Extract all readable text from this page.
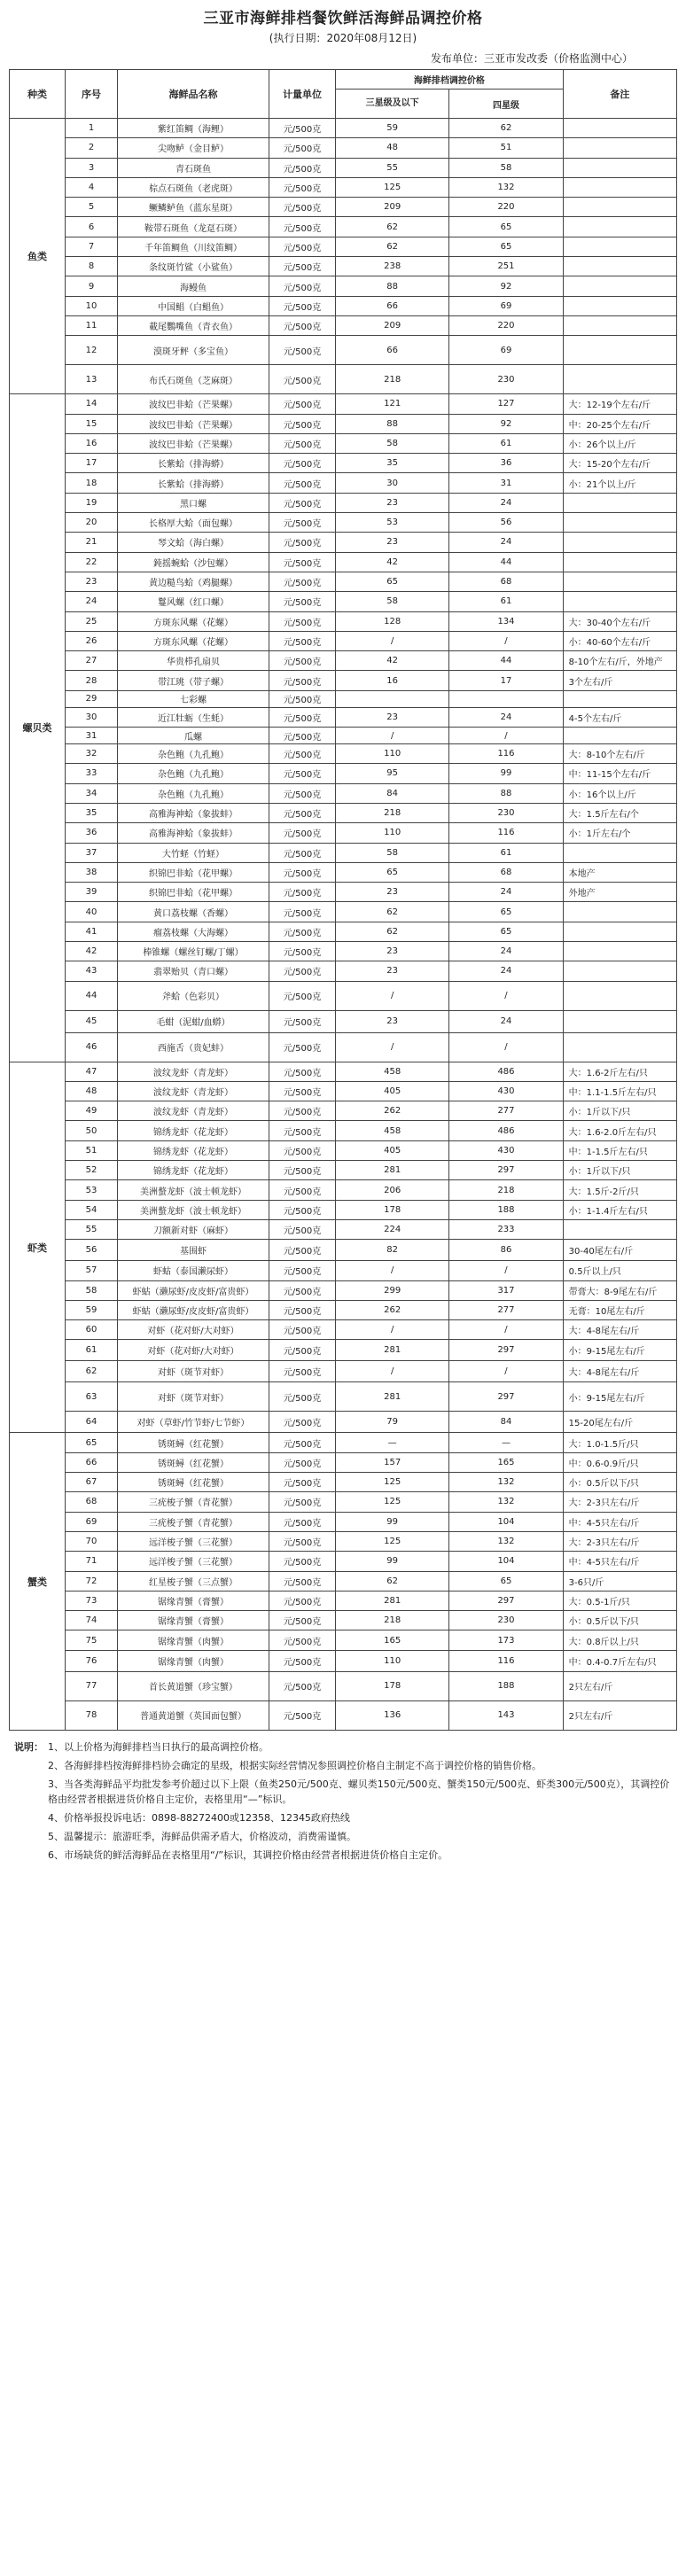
三亚市海鲜排档餐饮鲜活海鲜品调控价格
(执行日期：2020年08月12日)
发布单位：三亚市发改委（价格监测中心）
种类	序号	海鲜品名称	计量单位	海鲜排档调控价格		备注
				三星级及以下	四星级	
鱼类	1	紫红笛鲷（海鲤）	元/500克	59	62	
	2	尖吻鲈（金目鲈）	元/500克	48	51	
	3	青石斑鱼	元/500克	55	58	
	4	棕点石斑鱼（老虎斑）	元/500克	125	132	
	5	鳜鳞鲈鱼（蓝东星斑）	元/500克	209	220	
	6	鞍带石斑鱼（龙趸石斑）	元/500克	62	65	
	7	千年笛鲷鱼（川纹笛鲷）	元/500克	62	65	
	8	条纹斑竹鲨（小鲨鱼）	元/500克	238	251	
	9	海鳗鱼	元/500克	88	92	
	10	中国鲳（白鲳鱼）	元/500克	66	69	
	11	載尾鸚嘴鱼（青衣鱼）	元/500克	209	220	
	12	漠斑牙鲆（多宝鱼）	元/500克	66	69	
	13	布氏石斑鱼（芝麻斑）	元/500克	218	230	
螺贝类	14	波纹巴非蛤（芒果螺）	元/500克	121	127	大：12-19个左右/斤
	15	波纹巴非蛤（芒果螺）	元/500克	88	92	中：20-25个左右/斤
	16	波纹巴非蛤（芒果螺）	元/500克	58	61	小：26个以上/斤
	17	长紫蛤（排海蟒）	元/500克	35	36	大：15-20个左右/斤
	18	长紫蛤（排海蟒）	元/500克	30	31	小：21个以上/斤
	19	黑口螺	元/500克	23	24	
	20	长格厚大蛤（面包螺）	元/500克	53	56	
	21	琴文蛤（海白螺）	元/500克	23	24	
	22	鈍摇蜿蛤（沙包螺）	元/500克	42	44	
	23	黄边糙鸟蛤（鸡腿螺）	元/500克	65	68	
	24	鬘风螺（红口螺）	元/500克	58	61	
	25	方斑东风螺（花螺）	元/500克	128	134	大：30-40个左右/斤
	26	方斑东风螺（花螺）	元/500克	/	/	小：40-60个左右/斤
	27	华贵栉孔扇贝	元/500克	42	44	8-10个左右/斤，外地产
	28	带江珧（带子螺）	元/500克	16	17	3个左右/斤
	29	七彩螺	元/500克			
	30	近江牡蛎（生蚝）	元/500克	23	24	4-5个左右/斤
	31	瓜螺	元/500克	/	/	
	32	杂色鲍（九孔鲍）	元/500克	110	116	大：8-10个左右/斤
	33	杂色鲍（九孔鲍）	元/500克	95	99	中：11-15个左右/斤
	34	杂色鲍（九孔鲍）	元/500克	84	88	小：16个以上/斤
	35	高雅海神蛤（象拔蚌）	元/500克	218	230	大：1.5斤左右/个
	36	高雅海神蛤（象拔蚌）	元/500克	110	116	小：1斤左右/个
	37	大竹蛏（竹蛏）	元/500克	58	61	
	38	织锦巴非蛤（花甲螺）	元/500克	65	68	本地产
	39	织锦巴非蛤（花甲螺）	元/500克	23	24	外地产
	40	黄口荔枝螺（香螺）	元/500克	62	65	
	41	瘤荔枝螺（大海螺）	元/500克	62	65	
	42	棒锥螺（螺丝钉螺/丁螺）	元/500克	23	24	
	43	翡翠贻贝（青口螺）	元/500克	23	24	
	44	斧蛤（色彩贝）	元/500克	/	/	
	45	毛蚶（泥蚶/血蟒）	元/500克	23	24	
	46	西施舌（贵妃蚌）	元/500克	/	/	
虾类	47	波纹龙虾（青龙虾）	元/500克	458	486	大：1.6-2斤左右/只
	48	波纹龙虾（青龙虾）	元/500克	405	430	中：1.1-1.5斤左右/只
	49	波纹龙虾（青龙虾）	元/500克	262	277	小：1斤以下/只
	50	锦绣龙虾（花龙虾）	元/500克	458	486	大：1.6-2.0斤左右/只
	51	锦绣龙虾（花龙虾）	元/500克	405	430	中：1-1.5斤左右/只
	52	锦绣龙虾（花龙虾）	元/500克	281	297	小：1斤以下/只
	53	美洲螯龙虾（波士顿龙虾）	元/500克	206	218	大：1.5斤-2斤/只
	54	美洲螯龙虾（波士顿龙虾）	元/500克	178	188	小：1-1.4斤左右/只
	55	刀额新对虾（麻虾）	元/500克	224	233	
	56	基围虾	元/500克	82	86	30-40尾左右/斤
	57	虾蛄（泰国濑尿虾）	元/500克	/	/	0.5斤以上/只
	58	虾蛄（濑尿虾/皮皮虾/富贵虾）	元/500克	299	317	带膏大：8-9尾左右/斤
	59	虾蛄（濑尿虾/皮皮虾/富贵虾）	元/500克	262	277	无膏：10尾左右/斤
	60	对虾（花对虾/大对虾）	元/500克	/	/	大：4-8尾左右/斤
	61	对虾（花对虾/大对虾）	元/500克	281	297	小：9-15尾左右/斤
	62	对虾（斑节对虾）	元/500克	/	/	大：4-8尾左右/斤
	63	对虾（斑节对虾）	元/500克	281	297	小：9-15尾左右/斤
	64	对虾（草虾/竹节虾/七节虾）	元/500克	79	84	15-20尾左右/斤
蟹类	65	锈斑蟳（红花蟹）	元/500克	—	—	大：1.0-1.5斤/只
	66	锈斑蟳（红花蟹）	元/500克	157	165	中：0.6-0.9斤/只
	67	锈斑蟳（红花蟹）	元/500克	125	132	小：0.5斤以下/只
	68	三疣梭子蟹（青花蟹）	元/500克	125	132	大：2-3只左右/斤
	69	三疣梭子蟹（青花蟹）	元/500克	99	104	中：4-5只左右/斤
	70	远洋梭子蟹（三花蟹）	元/500克	125	132	大：2-3只左右/斤
	71	远洋梭子蟹（三花蟹）	元/500克	99	104	中：4-5只左右/斤
	72	红星梭子蟹（三点蟹）	元/500克	62	65	3-6只/斤
	73	锯缘青蟹（膏蟹）	元/500克	281	297	大：0.5-1斤/只
	74	锯缘青蟹（膏蟹）	元/500克	218	230	小：0.5斤以下/只
	75	锯缘青蟹（肉蟹）	元/500克	165	173	大：0.8斤以上/只
	76	锯缘青蟹（肉蟹）	元/500克	110	116	中：0.4-0.7斤左右/只
	77	首长黄道蟹（珍宝蟹）	元/500克	178	188	2只左右/斤
	78	普通黄道蟹（英国面包蟹）	元/500克	136	143	2只左右/斤
说明： 1、以上价格为海鲜排档当日执行的最高调控价格。
2、各海鲜排档按海鲜排档协会确定的星级，根据实际经营情况参照调控价格自主制定不高于调控价格的销售价格。
3、当各类海鲜品平均批发参考价超过以下上限（鱼类250元/500克、螺贝类150元/500克、蟹类150元/500克、虾类300元/500克），其调控价格由经营者根据进货价格自主定价，表格里用“—”标识。
4、价格举报投诉电话：0898-88272400或12358、12345政府热线
5、温馨提示：旅游旺季，海鲜品供需矛盾大，价格波动，消费需谨慎。
6、市场缺货的鲜活海鲜品在表格里用“/”标识，其调控价格由经营者根据进货价格自主定价。
